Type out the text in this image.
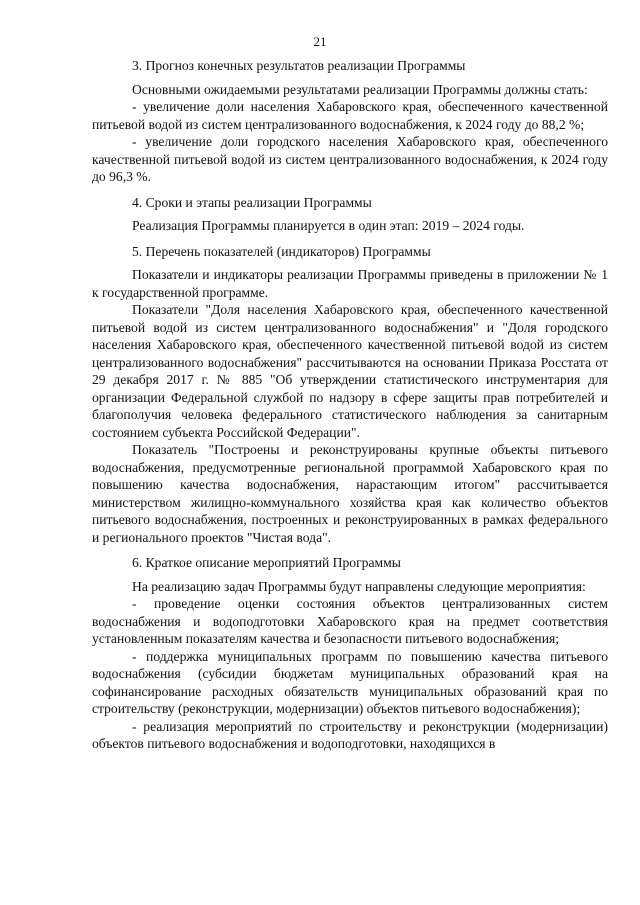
21

3. Прогноз конечных результатов реализации Программы

Основными ожидаемыми результатами реализации Программы должны стать:

- увеличение доли населения Хабаровского края, обеспеченного качественной питьевой водой из систем централизованного водоснабжения, к 2024 году до 88,2 %;

- увеличение доли городского населения Хабаровского края, обеспеченного качественной питьевой водой из систем централизованного водоснабжения, к 2024 году до 96,3 %.

4. Сроки и этапы реализации Программы

Реализация Программы планируется в один этап: 2019 – 2024 годы.

5. Перечень показателей (индикаторов) Программы

Показатели и индикаторы реализации Программы приведены в приложении № 1 к государственной программе.

Показатели "Доля населения Хабаровского края, обеспеченного качественной питьевой водой из систем централизованного водоснабжения" и "Доля городского населения Хабаровского края, обеспеченного качественной питьевой водой из систем централизованного водоснабжения" рассчитываются на основании Приказа Росстата от 29 декабря 2017 г. № 885 "Об утверждении статистического инструментария для организации Федеральной службой по надзору в сфере защиты прав потребителей и благополучия человека федерального статистического наблюдения за санитарным состоянием субъекта Российской Федерации".

Показатель "Построены и реконструированы крупные объекты питьевого водоснабжения, предусмотренные региональной программой Хабаровского края по повышению качества водоснабжения, нарастающим итогом" рассчитывается министерством жилищно-коммунального хозяйства края как количество объектов питьевого водоснабжения, построенных и реконструированных в рамках федерального и регионального проектов "Чистая вода".

6. Краткое описание мероприятий Программы

На реализацию задач Программы будут направлены следующие мероприятия:

- проведение оценки состояния объектов централизованных систем водоснабжения и водоподготовки Хабаровского края на предмет соответствия установленным показателям качества и безопасности питьевого водоснабжения;

- поддержка муниципальных программ по повышению качества питьевого водоснабжения (субсидии бюджетам муниципальных образований края на софинансирование расходных обязательств муниципальных образований края по строительству (реконструкции, модернизации) объектов питьевого водоснабжения);

- реализация мероприятий по строительству и реконструкции (модернизации) объектов питьевого водоснабжения и водоподготовки, находящихся в
